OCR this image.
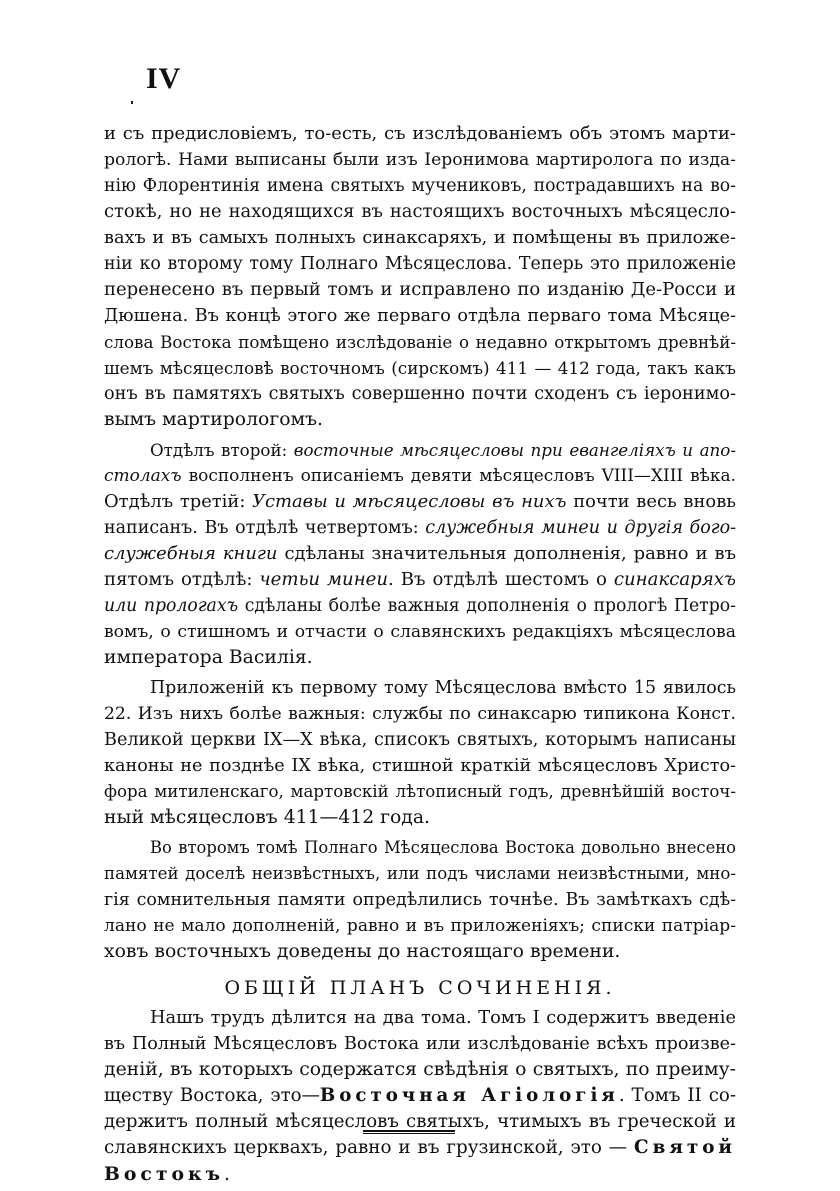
IV
и съ предисловіемъ, то-есть, съ изслѣдованіемъ объ этомъ марти-
рологѣ. Нами выписаны были изъ Іеронимова мартиролога по изда-
нію Флорентинія имена святыхъ мучениковъ, пострадавшихъ на во-
стокѣ, но не находящихся въ настоящихъ восточныхъ мѣсяцесло-
вахъ и въ самыхъ полныхъ синаксаряхъ, и помѣщены въ приложе-
ніи ко второму тому Полнаго Мѣсяцеслова. Теперь это приложеніе
перенесено въ первый томъ и исправлено по изданію Де-Росси и
Дюшена. Въ концѣ этого же перваго отдѣла перваго тома Мѣсяце-
слова Востока помѣщено изслѣдованіе о недавно открытомъ древнѣй-
шемъ мѣсяцесловѣ восточномъ (сирскомъ) 411 — 412 года, такъ какъ
онъ въ памятяхъ святыхъ совершенно почти сходенъ съ іеронимо-
вымъ мартирологомъ.
Отдѣлъ второй: восточные мѣсяцесловы при евангеліяхъ и апо-
столахъ восполненъ описаніемъ девяти мѣсяцесловъ VIII—XIII вѣка.
Отдѣлъ третій: Уставы и мѣсяцесловы въ нихъ почти весь вновь
написанъ. Въ отдѣлѣ четвертомъ: служебныя минеи и другія бого-
служебныя книги сдѣланы значительныя дополненія, равно и въ
пятомъ отдѣлѣ: четьи минеи. Въ отдѣлѣ шестомъ о синаксаряхъ
или прологахъ сдѣланы болѣе важныя дополненія о прологѣ Петро-
вомъ, о стишномъ и отчасти о славянскихъ редакціяхъ мѣсяцеслова
императора Василія.
Приложеній къ первому тому Мѣсяцеслова вмѣсто 15 явилось
22. Изъ нихъ болѣе важныя: службы по синаксарю типикона Конст.
Великой церкви IX—X вѣка, списокъ святыхъ, которымъ написаны
каноны не позднѣе IX вѣка, стишной краткій мѣсяцесловъ Христо-
фора митиленскаго, мартовскій лѣтописный годъ, древнѣйшій восточ-
ный мѣсяцесловъ 411—412 года.
Во второмъ томѣ Полнаго Мѣсяцеслова Востока довольно внесено
памятей доселѣ неизвѣстныхъ, или подъ числами неизвѣстными, мно-
гія сомнительныя памяти опредѣлились точнѣе. Въ замѣткахъ сдѣ-
лано не мало дополненій, равно и въ приложеніяхъ; списки патріар-
ховъ восточныхъ доведены до настоящаго времени.
ОБЩІЙ ПЛАНЪ СОЧИНЕНІЯ.
Нашъ трудъ дѣлится на два тома. Томъ I содержитъ введеніе
въ Полный Мѣсяцесловъ Востока или изслѣдованіе всѣхъ произве-
деній, въ которыхъ содержатся свѣдѣнія о святыхъ, по преиму-
ществу Востока, это—Восточная Агіологія. Томъ II со-
держитъ полный мѣсяцесловъ святыхъ, чтимыхъ въ греческой и
славянскихъ церквахъ, равно и въ грузинской, это — Святой
Востокъ.
